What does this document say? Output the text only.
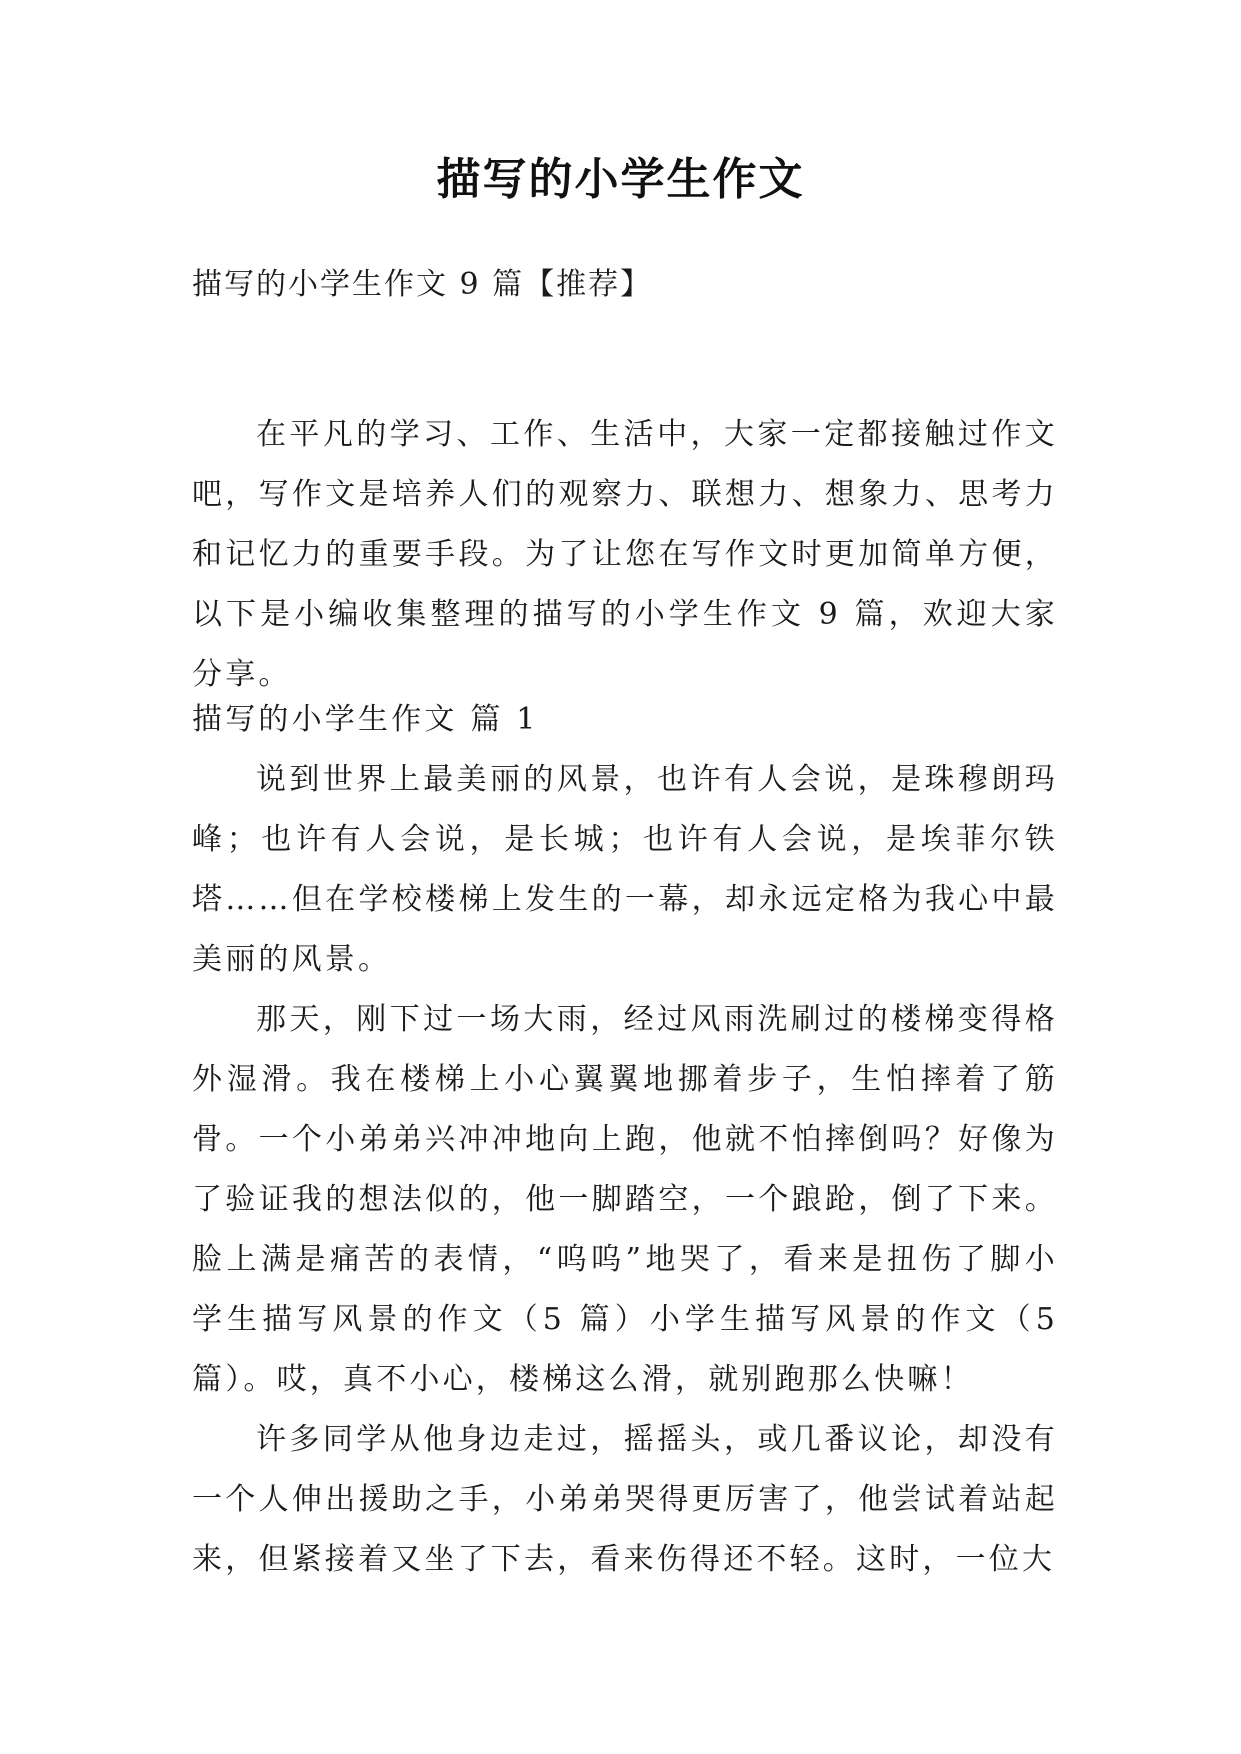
描写的小学生作文
描写的小学生作文 9 篇【推荐】

在平凡的学习、工作、生活中，大家一定都接触过作文吧，写作文是培养人们的观察力、联想力、想象力、思考力和记忆力的重要手段。为了让您在写作文时更加简单方便，以下是小编收集整理的描写的小学生作文 9 篇，欢迎大家分享。

描写的小学生作文 篇 1

说到世界上最美丽的风景，也许有人会说，是珠穆朗玛峰；也许有人会说，是长城；也许有人会说，是埃菲尔铁塔……但在学校楼梯上发生的一幕，却永远定格为我心中最美丽的风景。

那天，刚下过一场大雨，经过风雨洗刷过的楼梯变得格外湿滑。我在楼梯上小心翼翼地挪着步子，生怕摔着了筋骨。一个小弟弟兴冲冲地向上跑，他就不怕摔倒吗？好像为了验证我的想法似的，他一脚踏空，一个踉跄，倒了下来。脸上满是痛苦的表情，“呜呜”地哭了，看来是扭伤了脚小学生描写风景的作文（5 篇）小学生描写风景的作文（5 篇）。哎，真不小心，楼梯这么滑，就别跑那么快嘛！

许多同学从他身边走过，摇摇头，或几番议论，却没有一个人伸出援助之手，小弟弟哭得更厉害了，他尝试着站起来，但紧接着又坐了下去，看来伤得还不轻。这时，一位大
